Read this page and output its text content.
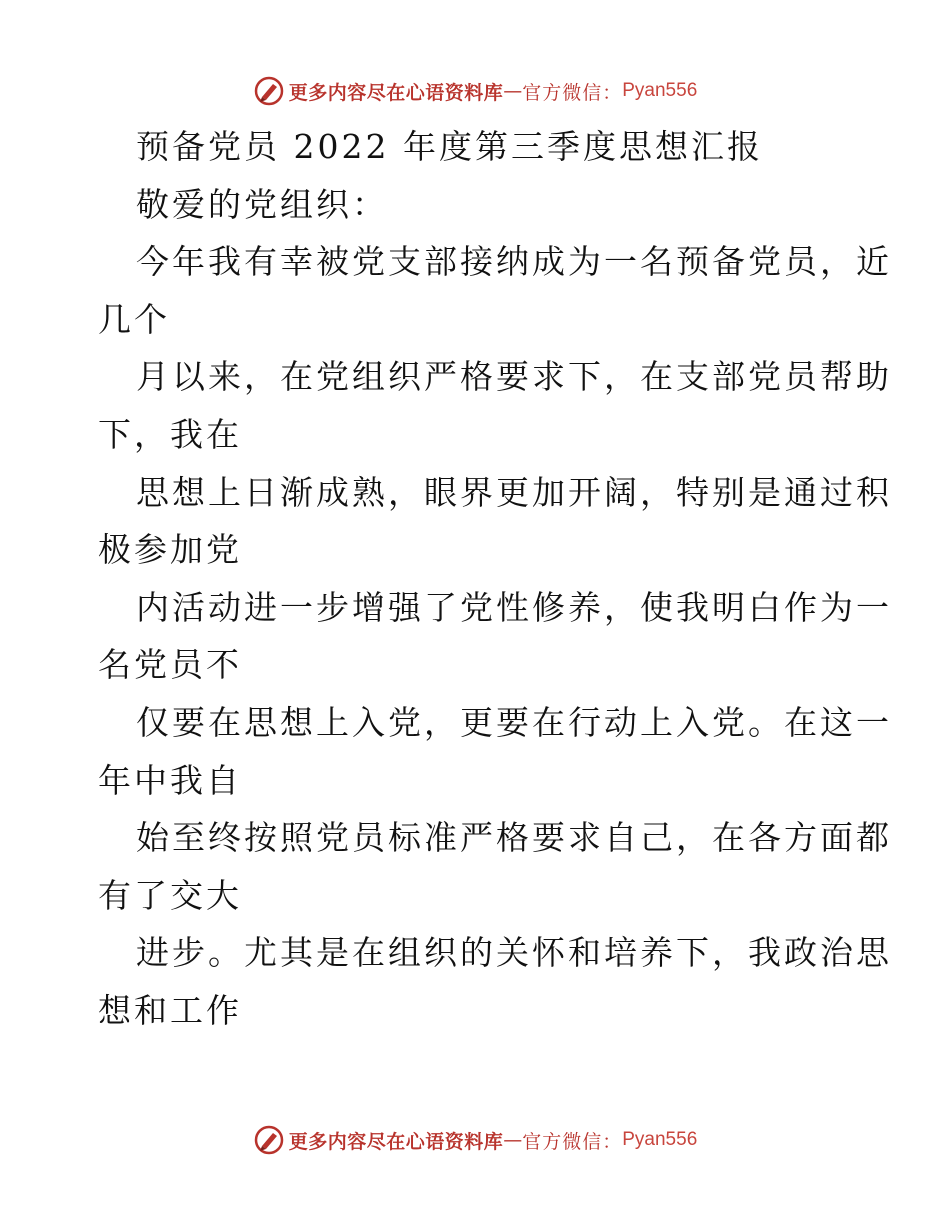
更多内容尽在心语资料库 — 官方微信： Pyan556
预备党员 2022 年度第三季度思想汇报
敬爱的党组织：
今年我有幸被党支部接纳成为一名预备党员，近
几个
月以来，在党组织严格要求下，在支部党员帮助
下，我在
思想上日渐成熟，眼界更加开阔，特别是通过积
极参加党
内活动进一步增强了党性修养，使我明白作为一
名党员不
仅要在思想上入党，更要在行动上入党。在这一
年中我自
始至终按照党员标准严格要求自己，在各方面都
有了交大
进步。尤其是在组织的关怀和培养下，我政治思
想和工作
更多内容尽在心语资料库 — 官方微信： Pyan556
